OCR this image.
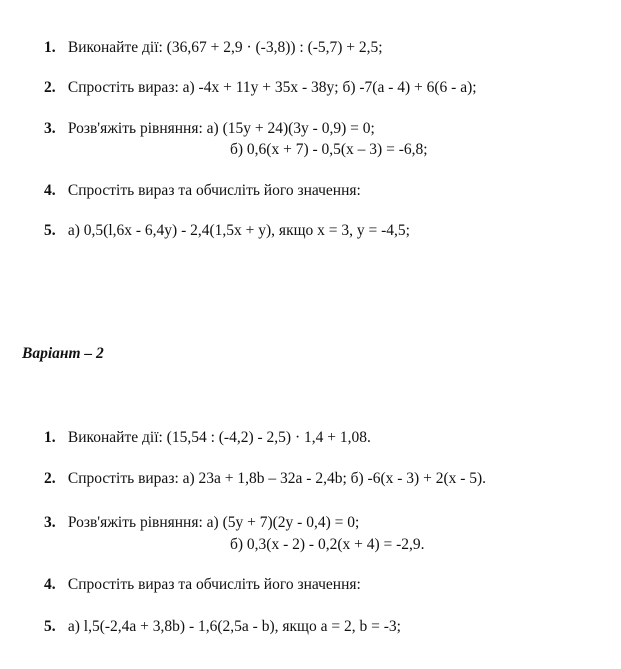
1. Виконайте дії: (36,67 + 2,9 · (-3,8)) : (-5,7) + 2,5;
2. Спростіть вираз: а) -4x + 11y + 35x - 38y; б) -7(a - 4) + 6(6 - a);
3. Розв'яжіть рівняння: а) (15y + 24)(3y - 0,9) = 0;
б) 0,6(x + 7) - 0,5(x – 3) = -6,8;
4. Спростіть вираз та обчисліть його значення:
5. а) 0,5(l,6x - 6,4y) - 2,4(1,5x + y), якщо x = 3, y = -4,5;
Варіант – 2
1. Виконайте дії: (15,54 : (-4,2) - 2,5) · 1,4 + 1,08.
2. Спростіть вираз: а) 23a + 1,8b – 32a - 2,4b; б) -6(x - 3) + 2(x - 5).
3. Розв'яжіть рівняння: а) (5y + 7)(2y - 0,4) = 0;
б) 0,3(x - 2) - 0,2(x + 4) = -2,9.
4. Спростіть вираз та обчисліть його значення:
5. а) l,5(-2,4a + 3,8b) - 1,6(2,5a - b), якщо a = 2, b = -3;
